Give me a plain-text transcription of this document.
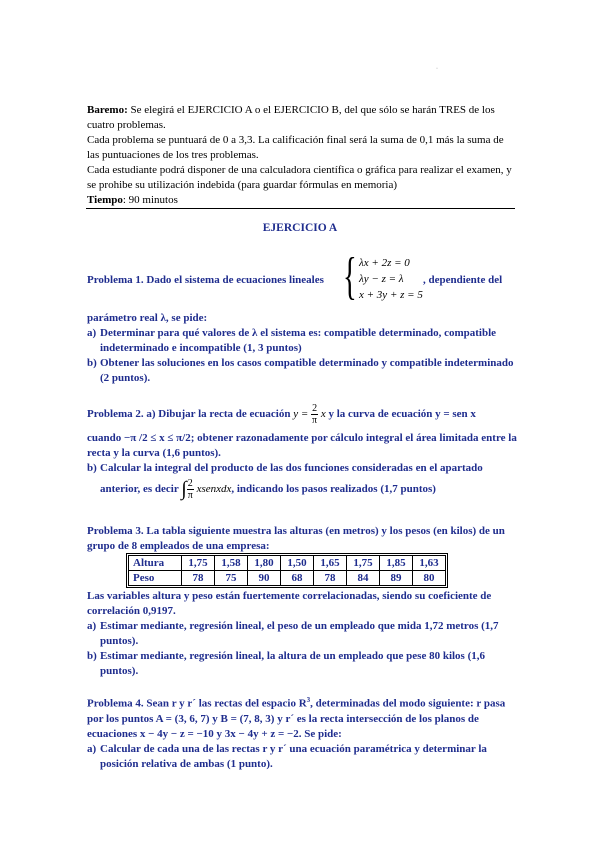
·

Baremo: Se elegirá el EJERCICIO A o el EJERCICIO B, del que sólo se harán TRES de los cuatro problemas.

Cada problema se puntuará de 0 a 3,3. La calificación final será la suma de 0,1 más la suma de las puntuaciones de los tres problemas.

Cada estudiante podrá disponer de una calculadora científica o gráfica para realizar el examen, y se prohibe su utilización indebida (para guardar fórmulas en memoria)

Tiempo: 90 minutos

EJERCICIO A
Problema 1. Dado el sistema de ecuaciones lineales { λx + 2z = 0
λy − z = λ
x + 3y + z = 5
, dependiente del

parámetro real λ, se pide:

a) Determinar para qué valores de λ el sistema es: compatible determinado, compatible indeterminado e incompatible (1, 3 puntos)
b) Obtener las soluciones en los casos compatible determinado y compatible indeterminado (2 puntos).
Problema 2. a) Dibujar la recta de ecuación $y = \frac{2}{\pi}$ x y la curva de ecuación y = sen x

cuando −π /2 ≤ x ≤ π/2; obtener razonadamente por cálculo integral el área limitada entre la recta y la curva (1,6 puntos).

b) Calcular la integral del producto de las dos funciones consideradas en el apartado
anterior, es decir ∫ $\frac{2}{\pi}$ xsenxdx, indicando los pasos realizados (1,7 puntos)
Problema 3. La tabla siguiente muestra las alturas (en metros) y los pesos (en kilos) de un grupo de 8 empleados de una empresa:
Altura	1,75	1,58	1,80	1,50	1,65	1,75	1,85	1,63
Peso	78	75	90	68	78	84	89	80

Las variables altura y peso están fuertemente correlacionadas, siendo su coeficiente de correlación 0,9197.

a) Estimar mediante, regresión lineal, el peso de un empleado que mida 1,72 metros (1,7 puntos).
b) Estimar mediante, regresión lineal, la altura de un empleado que pese 80 kilos (1,6 puntos).

Problema 4. Sean r y r´ las rectas del espacio $R^3$, determinadas del modo siguiente: r pasa por los puntos A = (3, 6, 7) y B = (7, 8, 3) y r´ es la recta intersección de los planos de ecuaciones x − 4y − z = −10 y 3x − 4y + z = −2. Se pide:

a) Calcular de cada una de las rectas r y r´ una ecuación paramétrica y determinar la posición relativa de ambas (1 punto).
